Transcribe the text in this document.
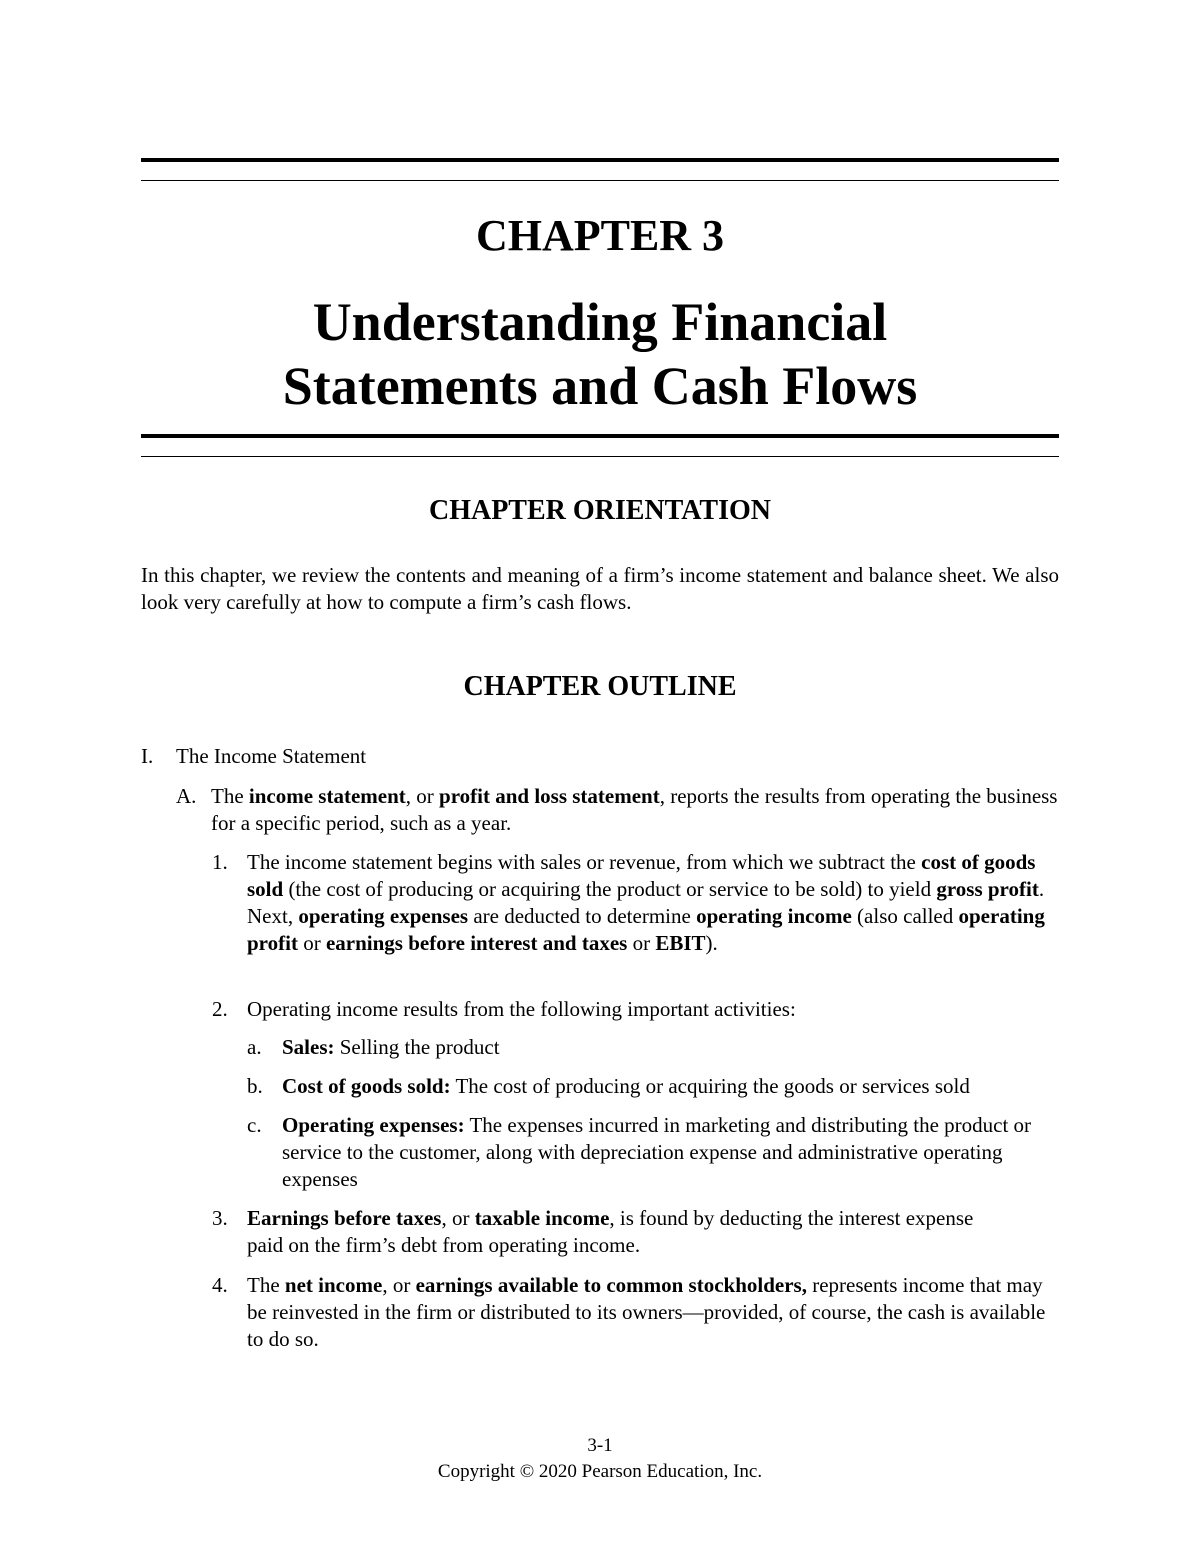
CHAPTER 3
Understanding Financial
Statements and Cash Flows
CHAPTER ORIENTATION
In this chapter, we review the contents and meaning of a firm’s income statement and balance sheet. We also look very carefully at how to compute a firm’s cash flows.
CHAPTER OUTLINE
I. The Income Statement
A. The income statement, or profit and loss statement, reports the results from operating the business for a specific period, such as a year.
1. The income statement begins with sales or revenue, from which we subtract the cost of goods sold (the cost of producing or acquiring the product or service to be sold) to yield gross profit. Next, operating expenses are deducted to determine operating income (also called operating profit or earnings before interest and taxes or EBIT).
2. Operating income results from the following important activities:
a. Sales: Selling the product
b. Cost of goods sold: The cost of producing or acquiring the goods or services sold
c. Operating expenses: The expenses incurred in marketing and distributing the product or service to the customer, along with depreciation expense and administrative operating expenses
3. Earnings before taxes, or taxable income, is found by deducting the interest expense paid on the firm’s debt from operating income.
4. The net income, or earnings available to common stockholders, represents income that may be reinvested in the firm or distributed to its owners—provided, of course, the cash is available to do so.
3-1
Copyright © 2020 Pearson Education, Inc.
